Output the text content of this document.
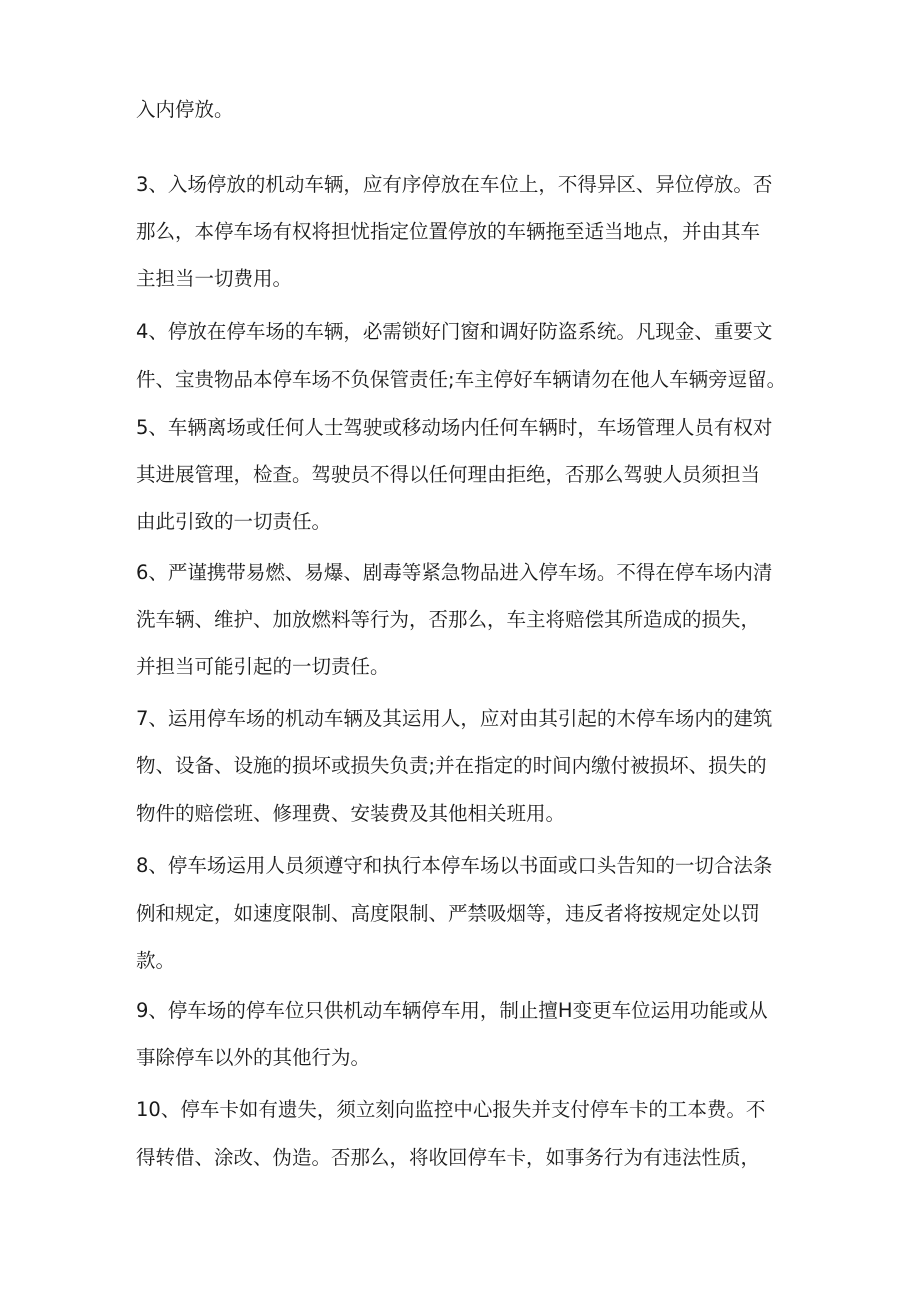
入内停放。
3、入场停放的机动车辆，应有序停放在车位上，不得异区、异位停放。否
那么，本停车场有权将担忧指定位置停放的车辆拖至适当地点，并由其车
主担当一切费用。
4、停放在停车场的车辆，必需锁好门窗和调好防盗系统。凡现金、重要文
件、宝贵物品本停车场不负保管责任;车主停好车辆请勿在他人车辆旁逗留。
5、车辆离场或任何人士驾驶或移动场内任何车辆时，车场管理人员有权对
其进展管理，检查。驾驶员不得以任何理由拒绝，否那么驾驶人员须担当
由此引致的一切责任。
6、严谨携带易燃、易爆、剧毒等紧急物品进入停车场。不得在停车场内清
洗车辆、维护、加放燃料等行为，否那么，车主将赔偿其所造成的损失，
并担当可能引起的一切责任。
7、运用停车场的机动车辆及其运用人，应对由其引起的木停车场内的建筑
物、设备、设施的损坏或损失负责;并在指定的时间内缴付被损坏、损失的
物件的赔偿班、修理费、安装费及其他相关班用。
8、停车场运用人员须遵守和执行本停车场以书面或口头告知的一切合法条
例和规定，如速度限制、高度限制、严禁吸烟等，违反者将按规定处以罚
款。
9、停车场的停车位只供机动车辆停车用，制止擅H变更车位运用功能或从
事除停车以外的其他行为。
10、停车卡如有遗失，须立刻向监控中心报失并支付停车卡的工本费。不
得转借、涂改、伪造。否那么，将收回停车卡，如事务行为有违法性质，
